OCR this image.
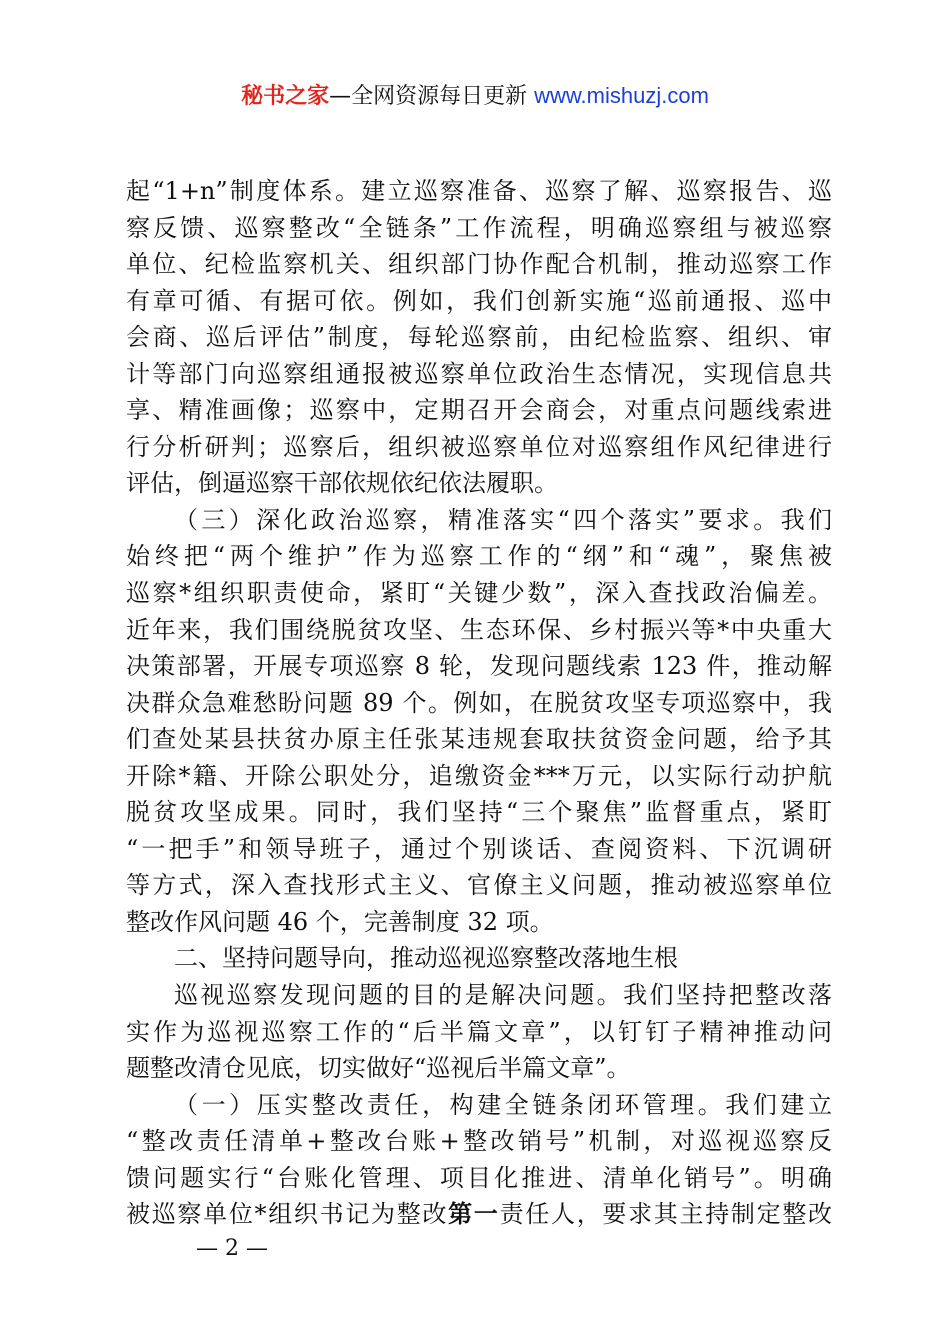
秘书之家—全网资源每日更新 www.mishuzj.com
起“1+n”制度体系。建立巡察准备、巡察了解、巡察报告、巡
察反馈、巡察整改“全链条”工作流程，明确巡察组与被巡察
单位、纪检监察机关、组织部门协作配合机制，推动巡察工作
有章可循、有据可依。例如，我们创新实施“巡前通报、巡中
会商、巡后评估”制度，每轮巡察前，由纪检监察、组织、审
计等部门向巡察组通报被巡察单位政治生态情况，实现信息共
享、精准画像；巡察中，定期召开会商会，对重点问题线索进
行分析研判；巡察后，组织被巡察单位对巡察组作风纪律进行
评估，倒逼巡察干部依规依纪依法履职。
（三）深化政治巡察，精准落实“四个落实”要求。我们
始终把“两个维护”作为巡察工作的“纲”和“魂”，聚焦被
巡察*组织职责使命，紧盯“关键少数”，深入查找政治偏差。
近年来，我们围绕脱贫攻坚、生态环保、乡村振兴等*中央重大
决策部署，开展专项巡察 8 轮，发现问题线索 123 件，推动解
决群众急难愁盼问题 89 个。例如，在脱贫攻坚专项巡察中，我
们查处某县扶贫办原主任张某违规套取扶贫资金问题，给予其
开除*籍、开除公职处分，追缴资金***万元，以实际行动护航
脱贫攻坚成果。同时，我们坚持“三个聚焦”监督重点，紧盯
“一把手”和领导班子，通过个别谈话、查阅资料、下沉调研
等方式，深入查找形式主义、官僚主义问题，推动被巡察单位
整改作风问题 46 个，完善制度 32 项。
二、坚持问题导向，推动巡视巡察整改落地生根
巡视巡察发现问题的目的是解决问题。我们坚持把整改落
实作为巡视巡察工作的“后半篇文章”，以钉钉子精神推动问
题整改清仓见底，切实做好“巡视后半篇文章”。
（一）压实整改责任，构建全链条闭环管理。我们建立
“整改责任清单+整改台账+整改销号”机制，对巡视巡察反
馈问题实行“台账化管理、项目化推进、清单化销号”。明确
被巡察单位*组织书记为整改第一责任人，要求其主持制定整改
— 2 —
